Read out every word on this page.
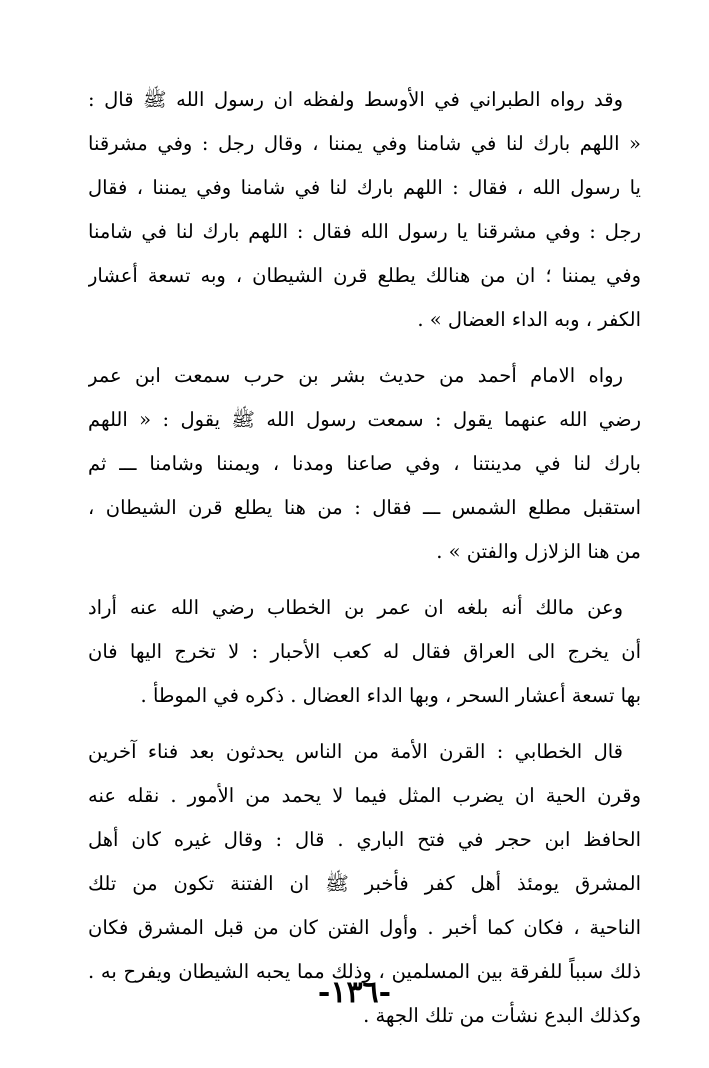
وقد رواه الطبراني في الأوسط ولفظه ان رسول الله ﷺ قال :
« اللهم بارك لنا في شامنا وفي يمننا ، وقال رجل : وفي مشرقنا
يا رسول الله ، فقال : اللهم بارك لنا في شامنا وفي يمننا ، فقال
رجل : وفي مشرقنا يا رسول الله فقال : اللهم بارك لنا في شامنا
وفي يمننا ؛ ان من هنالك يطلع قرن الشيطان ، وبه تسعة أعشار
الكفر ، وبه الداء العضال » .
رواه الامام أحمد من حديث بشر بن حرب سمعت ابن عمر
رضي الله عنهما يقول : سمعت رسول الله ﷺ يقول : « اللهم
بارك لنا في مدينتنا ، وفي صاعنا ومدنا ، ويمننا وشامنا ـــ ثم
استقبل مطلع الشمس ـــ فقال : من هنا يطلع قرن الشيطان ،
من هنا الزلازل والفتن » .
وعن مالك أنه بلغه ان عمر بن الخطاب رضي الله عنه أراد
أن يخرج الى العراق فقال له كعب الأحبار : لا تخرج اليها فان
بها تسعة أعشار السحر ، وبها الداء العضال . ذكره في الموطأ .
قال الخطابي : القرن الأمة من الناس يحدثون بعد فناء آخرين
وقرن الحية ان يضرب المثل فيما لا يحمد من الأمور . نقله عنه
الحافظ ابن حجر في فتح الباري . قال : وقال غيره كان أهل
المشرق يومئذ أهل كفر فأخبر ﷺ ان الفتنة تكون من تلك
الناحية ، فكان كما أخبر . وأول الفتن كان من قبل المشرق فكان
ذلك سبباً للفرقة بين المسلمين ، وذلك مما يحبه الشيطان ويفرح به .
وكذلك البدع نشأت من تلك الجهة .
-١٣٦-
